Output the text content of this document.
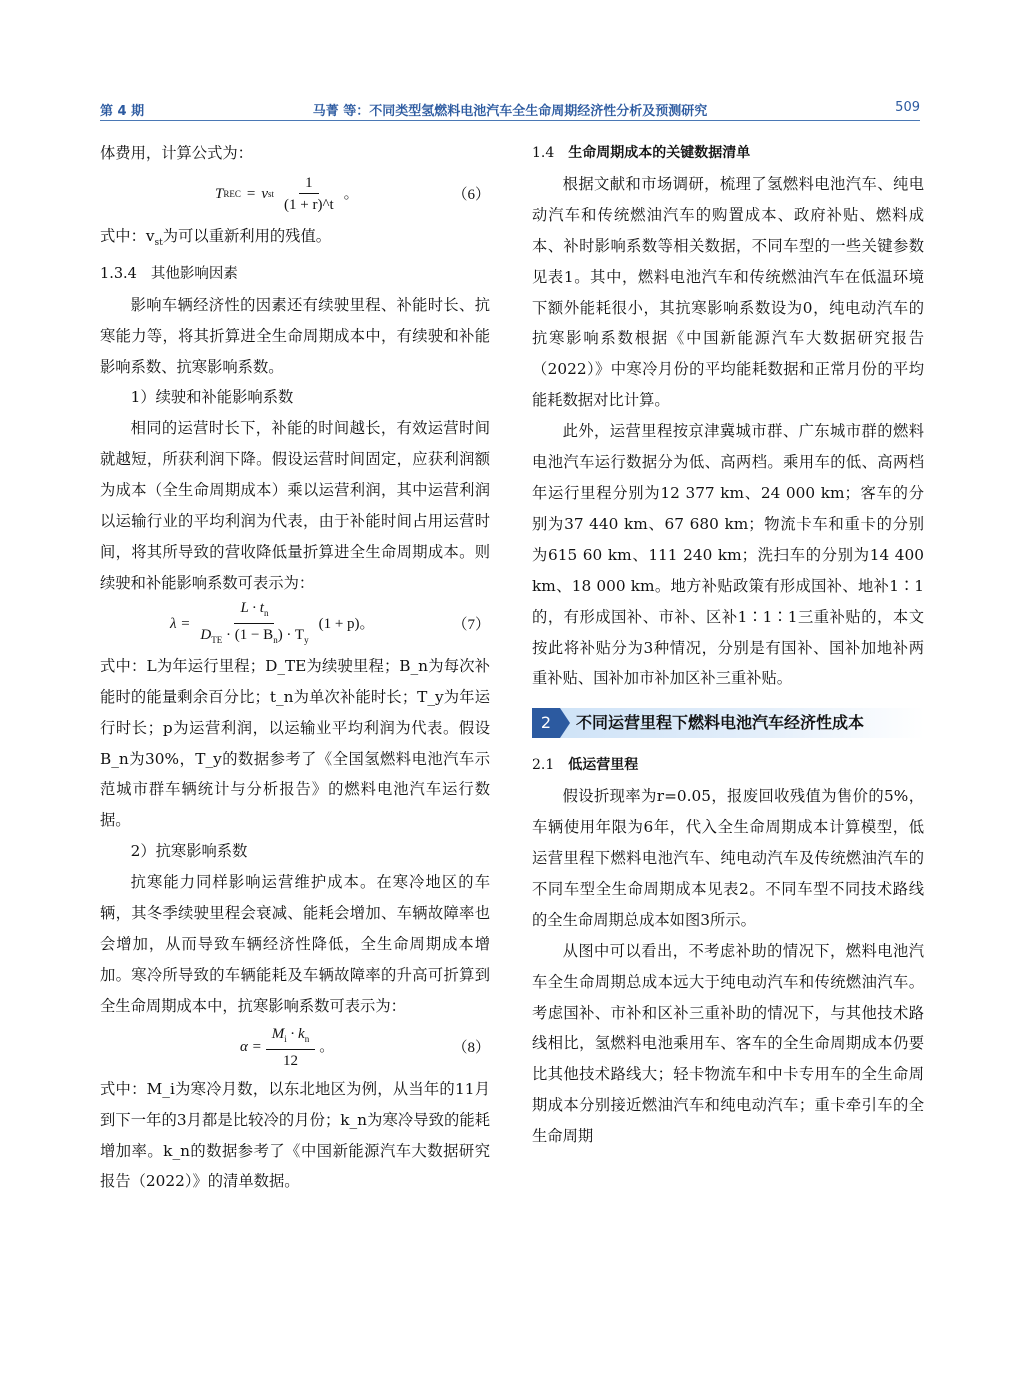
第 4 期	马菁 等：不同类型氢燃料电池汽车全生命周期经济性分析及预测研究	509

体费用，计算公式为：

T REC = v st $\frac{1}{(1 + r)\^{}t}$ 。	（6）

式中：$v_{st}$为可以重新利用的残值。

1.3.4 其他影响因素

影响车辆经济性的因素还有续驶里程、补能时长、抗寒能力等，将其折算进全生命周期成本中，有续驶和补能影响系数、抗寒影响系数。

1）续驶和补能影响系数

相同的运营时长下，补能的时间越长，有效运营时间就越短，所获利润下降。假设运营时间固定，应获利润额为成本（全生命周期成本）乘以运营利润，其中运营利润以运输行业的平均利润为代表，由于补能时间占用运营时间，将其所导致的营收降低量折算进全生命周期成本。则续驶和补能影响系数可表示为：

$\lambda = \frac{L \cdot t_n}{D_{TE} \cdot (1 - B_n) \cdot T_y} (1 + p)$。	（7）

式中：L为年运行里程；D_TE为续驶里程；B_n为每次补能时的能量剩余百分比；t_n为单次补能时长；T_y为年运行时长；p为运营利润，以运输业平均利润为代表。假设B_n为30%，T_y的数据参考了《全国氢燃料电池汽车示范城市群车辆统计与分析报告》的燃料电池汽车运行数据。

2）抗寒影响系数

抗寒能力同样影响运营维护成本。在寒冷地区的车辆，其冬季续驶里程会衰减、能耗会增加、车辆故障率也会增加，从而导致车辆经济性降低，全生命周期成本增加。寒冷所导致的车辆能耗及车辆故障率的升高可折算到全生命周期成本中，抗寒影响系数可表示为：

$\alpha = \frac{M_i \cdot k_n}{12}$ 。	（8）

式中：M_i为寒冷月数，以东北地区为例，从当年的11月到下一年的3月都是比较冷的月份；k_n为寒冷导致的能耗增加率。k_n的数据参考了《中国新能源汽车大数据研究报告（2022）》的清单数据。

1.4 生命周期成本的关键数据清单

根据文献和市场调研，梳理了氢燃料电池汽车、纯电动汽车和传统燃油汽车的购置成本、政府补贴、燃料成本、补时影响系数等相关数据，不同车型的一些关键参数见表1。其中，燃料电池汽车和传统燃油汽车在低温环境下额外能耗很小，其抗寒影响系数设为0，纯电动汽车的抗寒影响系数根据《中国新能源汽车大数据研究报告（2022）》中寒冷月份的平均能耗数据和正常月份的平均能耗数据对比计算。

此外，运营里程按京津冀城市群、广东城市群的燃料电池汽车运行数据分为低、高两档。乘用车的低、高两档年运行里程分别为12 377 km、24 000 km；客车的分别为37 440 km、67 680 km；物流卡车和重卡的分别为615 60 km、111 240 km；洗扫车的分别为14 400 km、18 000 km。地方补贴政策有形成国补、地补1∶1的，有形成国补、市补、区补1∶1∶1三重补贴的，本文按此将补贴分为3种情况，分别是有国补、国补加地补两重补贴、国补加市补加区补三重补贴。

2	不同运营里程下燃料电池汽车经济性成本

2.1 低运营里程

假设折现率为r=0.05，报废回收残值为售价的5%，车辆使用年限为6年，代入全生命周期成本计算模型，低运营里程下燃料电池汽车、纯电动汽车及传统燃油汽车的不同车型全生命周期成本见表2。不同车型不同技术路线的全生命周期总成本如图3所示。

从图中可以看出，不考虑补助的情况下，燃料电池汽车全生命周期总成本远大于纯电动汽车和传统燃油汽车。考虑国补、市补和区补三重补助的情况下，与其他技术路线相比，氢燃料电池乘用车、客车的全生命周期成本仍要比其他技术路线大；轻卡物流车和中卡专用车的全生命周期成本分别接近燃油汽车和纯电动汽车；重卡牵引车的全生命周期
